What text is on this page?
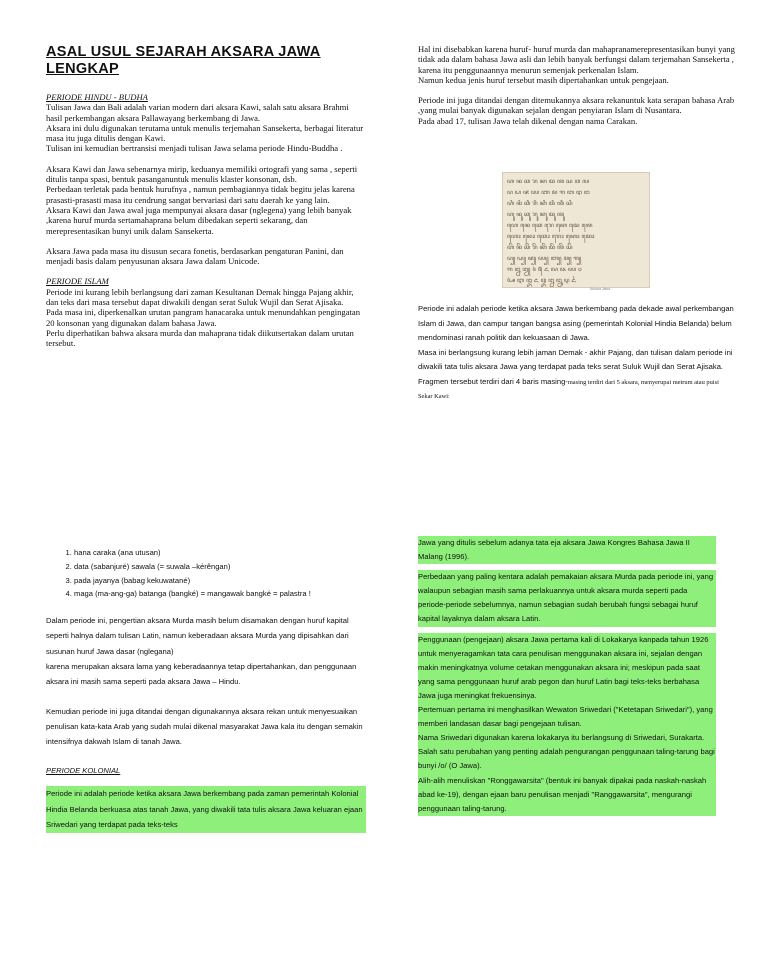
ASAL USUL SEJARAH AKSARA JAWA LENGKAP

PERIODE HINDU - BUDHA

Tulisan Jawa dan Bali adalah varian modern dari aksara Kawi, salah satu aksara Brahmi hasil perkembangan aksara Pallawayang berkembang di Jawa.

Aksara ini dulu digunakan terutama untuk menulis terjemahan Sansekerta, berbagai literatur masa itu juga ditulis dengan Kawi.

Tulisan ini kemudian bertransisi menjadi tulisan Jawa selama periode Hindu-Buddha .

Aksara Kawi dan Jawa sebenarnya mirip, keduanya memiliki ortografi yang sama , seperti ditulis tanpa spasi, bentuk pasanganuntuk menulis klaster konsonan, dsb.

Perbedaan terletak pada bentuk hurufnya , namun pembagiannya tidak begitu jelas karena prasasti-prasasti masa itu cendrung sangat bervariasi dari satu daerah ke yang lain.

Aksara Kawi dan Jawa awal juga mempunyai aksara dasar (nglegena) yang lebih banyak ,karena huruf murda sertamahaprana belum dibedakan seperti sekarang, dan merepresentasikan bunyi unik dalam Sansekerta.

Aksara Jawa pada masa itu disusun secara fonetis, berdasarkan pengaturan Panini, dan menjadi basis dalam penyusunan aksara Jawa dalam Unicode.

PERIODE ISLAM

Periode ini kurang lebih berlangsung dari zaman Kesultanan Demak hingga Pajang akhir, dan teks dari masa tersebut dapat diwakili dengan serat Suluk Wujil dan Serat Ajisaka.

Pada masa ini, diperkenalkan urutan pangram hanacaraka untuk menundahkan pengingatan 20 konsonan yang digunakan dalam bahasa Jawa.

Perlu diperhatikan bahwa aksara murda dan mahaprana tidak diikutsertakan dalam urutan tersebut.

Hal ini disebabkan karena huruf- huruf murda dan mahapranamerepresentasikan bunyi yang tidak ada dalam bahasa Jawa asli dan lebih banyak berfungsi dalam terjemahan Sansekerta , karena itu penggunaannya menurun semenjak perkenalan Islam.

Namun kedua jenis huruf tersebut masih dipertahankan untuk pengejaan.

Periode ini juga ditandai dengan ditemukannya aksara rekanuntuk kata serapan bahasa Arab ,yang mulai banyak digunakan sejalan dengan penyiaran Islam di Nusantara.

Pada abad 17, tulisan Jawa telah dikenal dengan nama Carakan.

ꦲ ꦤ ꦕ ꦫ ꦏ ꦢ ꦠ ꦱ ꦮ ꦭ
ꦥ ꦝ ꦗ ꦪ ꦚ ꦩ ꦒ ꦧ ꦛ ꦔ
ꦲꦶ ꦤꦶ ꦕꦶ ꦫꦶ ꦏꦶ ꦢꦶ ꦠꦶ ꦱꦶ
ꦲꦸ ꦤꦸ ꦕꦸ ꦫꦸ ꦏꦸ ꦢꦸ ꦠꦸ
ꦲꦺ ꦤꦺ ꦕꦺ ꦫꦺ ꦏꦺ ꦢꦺ ꦠꦺ
ꦲꦺꦴ ꦤꦺꦴ ꦕꦺꦴ ꦫꦺꦴ ꦏꦺꦴ ꦢꦺꦴ
ꦲꦼ ꦤꦼ ꦕꦼ ꦫꦼ ꦏꦼ ꦢꦼ ꦠꦼ ꦱꦼ
ꦥ꧀ ꦝ꧀ ꦗ꧀ ꦪ꧀ ꦚ꧀ ꦩ꧀ ꦒ꧀
꧑ ꧒ ꧓ ꧔ ꧕ ꧖ ꧗ ꧘ ꧙ ꧐
ꦄ ꦆ ꦈ ꦌ ꦎ ꦊ ꦋ ꦉ ꦍ
Aksara Jawa

Periode ini adalah periode ketika aksara Jawa berkembang pada dekade awal perkembangan Islam di Jawa, dan campur tangan bangsa asing (pemerintah Kolonial Hindia Belanda) belum mendominasi ranah politik dan kekuasaan di Jawa.

Masa ini berlangsung kurang lebih jaman Demak - akhir Pajang, dan tulisan dalam periode ini diwakili tata tulis aksara Jawa yang terdapat pada teks serat Suluk Wujil dan Serat Ajisaka.

Fragmen tersebut terdiri dari 4 baris masing-masing terdiri dari 5 aksara, menyerupai metrum atau puisi Sekar Kawi:

1. hana caraka (ana utusan)
2. data (sabanjuré) sawala (= suwala –kérêngan)
3. pada jayanya (babag kekuwatané)
4. maga (ma-ang-ga) batanga (bangké) = mangawak bangké = palastra !

Dalam periode ini, pengertian aksara Murda masih belum disamakan dengan huruf kapital seperti halnya dalam tulisan Latin, namun keberadaan aksara Murda yang dipisahkan dari susunan huruf Jawa dasar (nglegana)

karena merupakan aksara lama yang keberadaannya tetap dipertahankan, dan penggunaan aksara ini masih sama seperti pada aksara Jawa – Hindu.

Kemudian periode ini juga ditandai dengan digunakannya aksara rekan untuk menyesuaikan penulisan kata-kata Arab yang sudah mulai dikenal masyarakat Jawa kala itu dengan semakin intensifnya dakwah Islam di tanah Jawa.

PERIODE KOLONIAL

Periode ini adalah periode ketika aksara Jawa berkembang pada zaman pemerintah Kolonial Hindia Belanda berkuasa atas tanah Jawa, yang diwakili tata tulis aksara Jawa keluaran ejaan Sriwedari yang terdapat pada teks-teks

Jawa yang ditulis sebelum adanya tata eja aksara Jawa Kongres Bahasa Jawa II Malang (1996).

Perbedaan yang paling kentara adalah pemakaian aksara Murda pada periode ini, yang walaupun sebagian masih sama perlakuannya untuk aksara murda seperti pada periode-periode sebelumnya, namun sebagian sudah berubah fungsi sebagai huruf kapital layaknya dalam aksara Latin.

Penggunaan (pengejaan) aksara Jawa pertama kali di Lokakarya kanpada tahun 1926 untuk menyeragamkan tata cara penulisan menggunakan aksara ini, sejalan dengan makin meningkatnya volume cetakan menggunakan aksara ini; meskipun pada saat yang sama penggunaan huruf arab pegon dan huruf Latin bagi teks-teks berbahasa Jawa juga meningkat frekuensinya.

Pertemuan pertama ini menghasilkan Wewaton Sriwedari ("Ketetapan Sriwedari"), yang memberi landasan dasar bagi pengejaan tulisan.

Nama Sriwedari digunakan karena lokakarya itu berlangsung di Sriwedari, Surakarta.

Salah satu perubahan yang penting adalah pengurangan penggunaan taling-tarung bagi bunyi /o/ (O Jawa).

Alih-alih menuliskan "Ronggawarsita" (bentuk ini banyak dipakai pada naskah-naskah abad ke-19), dengan ejaan baru penulisan menjadi "Ranggawarsita", mengurangi penggunaan taling-tarung.
